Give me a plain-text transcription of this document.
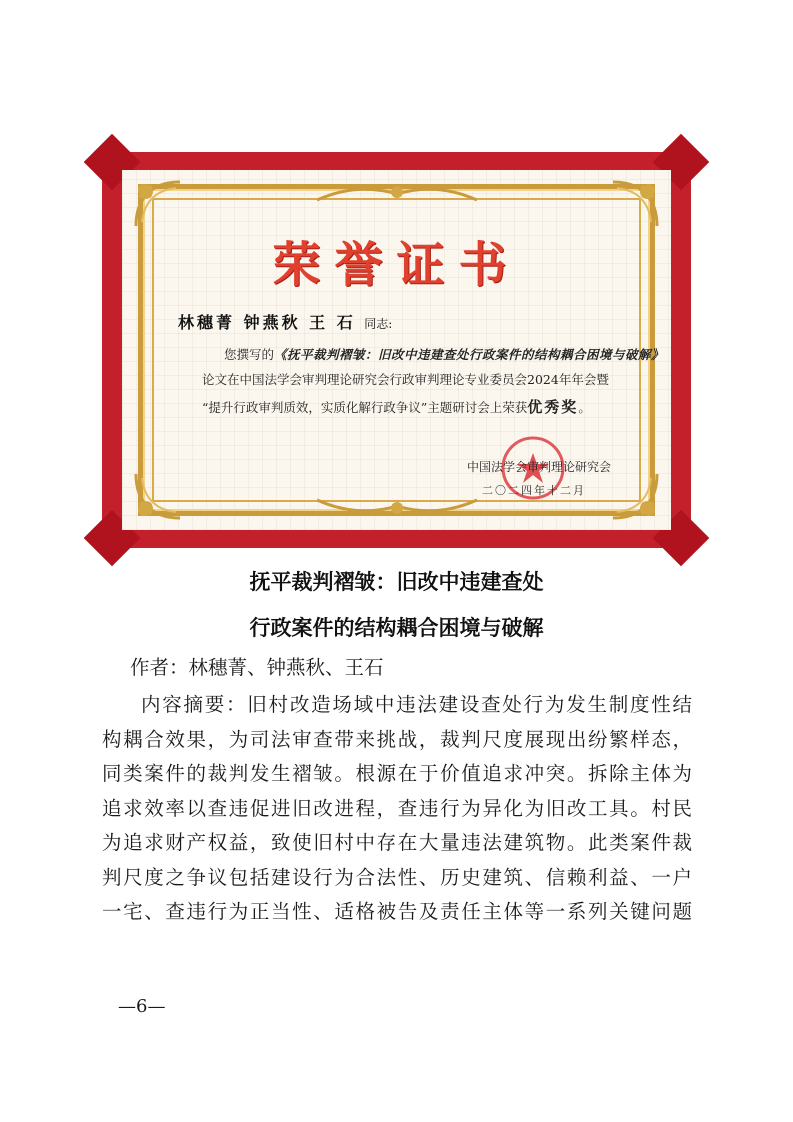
荣誉证书
林穗菁 钟燕秋 王 石 同志:
您撰写的《抚平裁判褶皱：旧改中违建查处行政案件的结构耦合困境与破解》
论文在中国法学会审判理论研究会行政审判理论专业委员会2024年年会暨
“提升行政审判质效，实质化解行政争议”主题研讨会上荣获优秀奖。
中国法学会审判理论研究会
二〇二四年十二月
抚平裁判褶皱：旧改中违建查处
行政案件的结构耦合困境与破解
作者：林穗菁、钟燕秋、王石
内容摘要：旧村改造场域中违法建设查处行为发生制度性结
构耦合效果，为司法审查带来挑战，裁判尺度展现出纷繁样态，
同类案件的裁判发生褶皱。根源在于价值追求冲突。拆除主体为
追求效率以查违促进旧改进程，查违行为异化为旧改工具。村民
为追求财产权益，致使旧村中存在大量违法建筑物。此类案件裁
判尺度之争议包括建设行为合法性、历史建筑、信赖利益、一户
一宅、查违行为正当性、适格被告及责任主体等一系列关键问题
—6—
